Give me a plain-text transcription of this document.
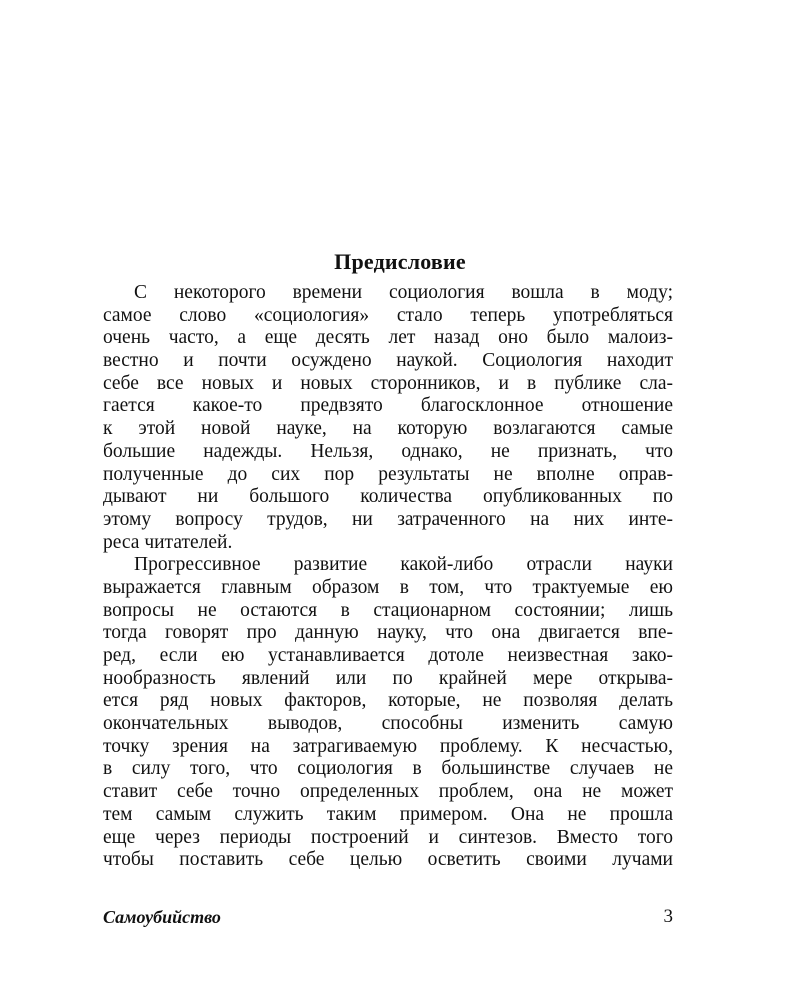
Предисловие
С некоторого времени социология вошла в моду;
самое слово «социология» стало теперь употребляться
очень часто, а еще десять лет назад оно было малоиз-
вестно и почти осуждено наукой. Социология находит
себе все новых и новых сторонников, и в публике сла-
гается какое-то предвзято благосклонное отношение
к этой новой науке, на которую возлагаются самые
большие надежды. Нельзя, однако, не признать, что
полученные до сих пор результаты не вполне оправ-
дывают ни большого количества опубликованных по
этому вопросу трудов, ни затраченного на них инте-
реса читателей.
Прогрессивное развитие какой-либо отрасли науки
выражается главным образом в том, что трактуемые ею
вопросы не остаются в стационарном состоянии; лишь
тогда говорят про данную науку, что она двигается впе-
ред, если ею устанавливается дотоле неизвестная зако-
нообразность явлений или по крайней мере открыва-
ется ряд новых факторов, которые, не позволяя делать
окончательных выводов, способны изменить самую
точку зрения на затрагиваемую проблему. К несчастью,
в силу того, что социология в большинстве случаев не
ставит себе точно определенных проблем, она не может
тем самым служить таким примером. Она не прошла
еще через периоды построений и синтезов. Вместо того
чтобы поставить себе целью осветить своими лучами
Самоубийство	3
